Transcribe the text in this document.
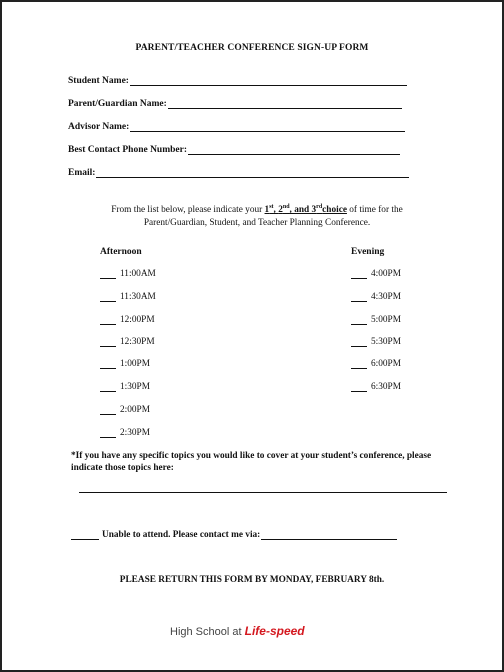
PARENT/TEACHER CONFERENCE SIGN-UP FORM
Student Name:
Parent/Guardian Name:
Advisor Name:
Best Contact Phone Number:
Email:
From the list below, please indicate your 1st, 2nd, and 3rdchoice of time for the
Parent/Guardian, Student, and Teacher Planning Conference.
Afternoon	Evening
11:00AM
11:30AM
12:00PM
12:30PM
1:00PM
1:30PM
2:00PM
2:30PM
4:00PM
4:30PM
5:00PM
5:30PM
6:00PM
6:30PM
*If you have any specific topics you would like to cover at your student’s conference, please indicate those topics here:
Unable to attend. Please contact me via:
PLEASE RETURN THIS FORM BY MONDAY, FEBRUARY 8th.
High School at Life-speed
